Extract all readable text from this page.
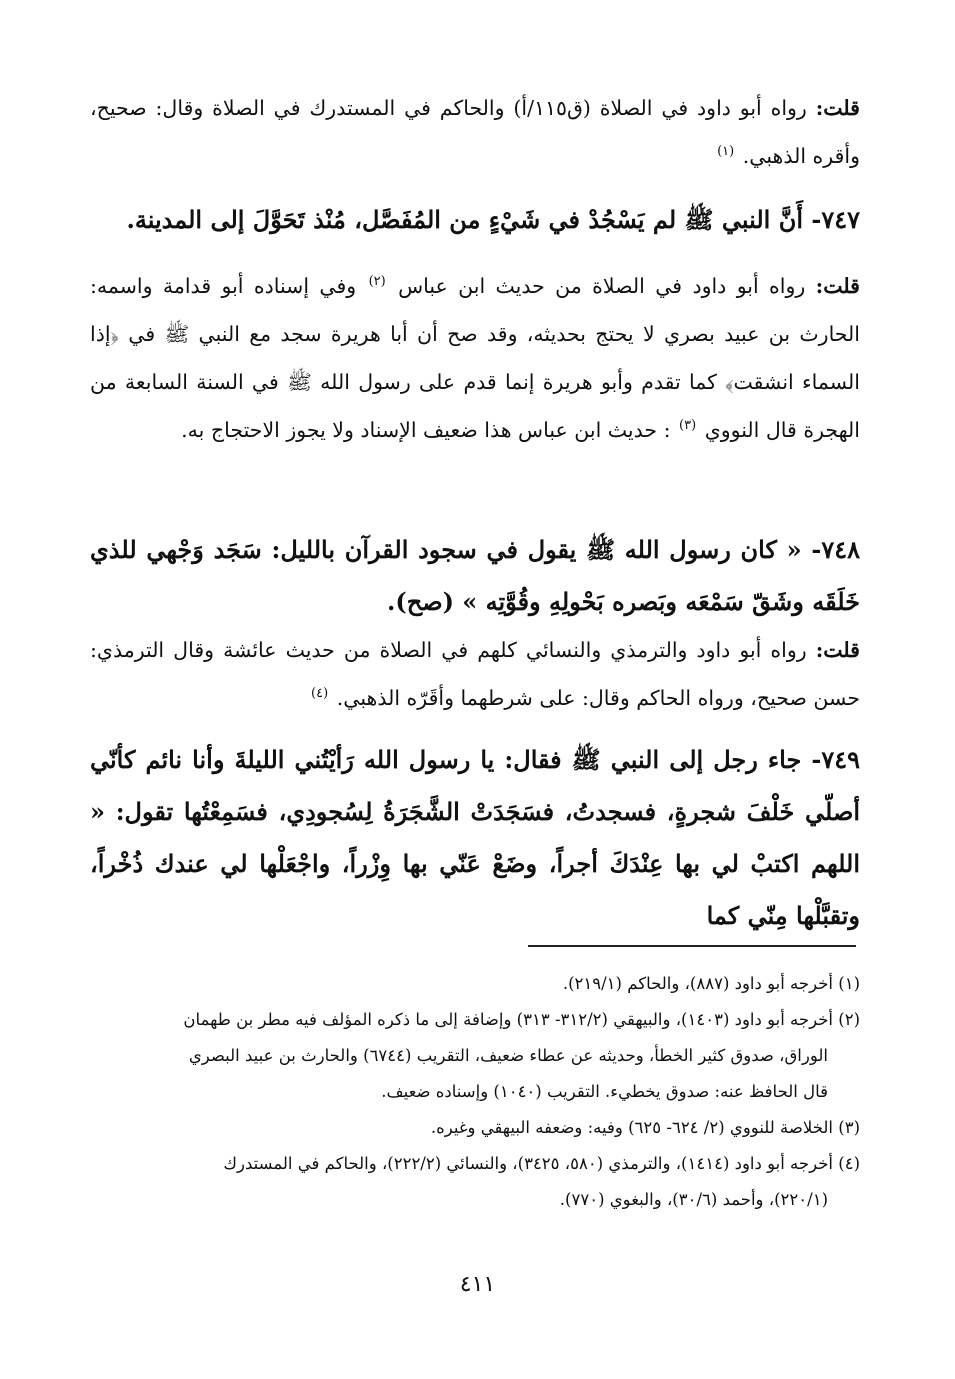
قلت: رواه أبو داود في الصلاة (ق١١٥/أ) والحاكم في المستدرك في الصلاة وقال: صحيح، وأقره الذهبي. $^{(١)}$
٧٤٧- أَنَّ النبي ﷺ لم يَسْجُدْ في شَيْءٍ من المُفَصَّل، مُنْذ تَحَوَّلَ إلى المدينة.
قلت: رواه أبو داود في الصلاة من حديث ابن عباس $^{(٢)}$ وفي إسناده أبو قدامة واسمه: الحارث بن عبيد بصري لا يحتج بحديثه، وقد صح أن أبا هريرة سجد مع النبي ﷺ في ﴿إذا السماء انشقت﴾ كما تقدم وأبو هريرة إنما قدم على رسول الله ﷺ في السنة السابعة من الهجرة قال النووي $^{(٣)}$ : حديث ابن عباس هذا ضعيف الإسناد ولا يجوز الاحتجاج به.
٧٤٨- « كان رسول الله ﷺ يقول في سجود القرآن بالليل: سَجَد وَجْهي للذي خَلَقَه وشَقّ سَمْعَه وبَصره بَحْولِهِ وقُوَّتِه » (صح).
قلت: رواه أبو داود والترمذي والنسائي كلهم في الصلاة من حديث عائشة وقال الترمذي: حسن صحيح، ورواه الحاكم وقال: على شرطهما وأقَرّه الذهبي. $^{(٤)}$
٧٤٩- جاء رجل إلى النبي ﷺ فقال: يا رسول الله رَأيْتُني الليلةَ وأنا نائم كأنّي أصلّي خَلْفَ شجرةٍ، فسجدتُ، فسَجَدَتْ الشَّجَرَةُ لِسُجودِي، فسَمِعْتُها تقول: « اللهم اكتبْ لي بها عِنْدَكَ أجراً، وضَعْ عَنّي بها وِزْراً، واجْعَلْها لي عندك ذُخْراً، وتقبَّلْها مِنّي كما

(١) أخرجه أبو داود (٨٨٧)، والحاكم (٢١٩/١).

(٢) أخرجه أبو داود (١٤٠٣)، والبيهقي (٣١٢/٢- ٣١٣) وإضافة إلى ما ذكره المؤلف فيه مطر بن طهمان
الوراق، صدوق كثير الخطأ، وحديثه عن عطاء ضعيف، التقريب (٦٧٤٤) والحارث بن عبيد البصري
قال الحافظ عنه: صدوق يخطيء. التقريب (١٠٤٠) وإسناده ضعيف.

(٣) الخلاصة للنووي (٢/ ٦٢٤- ٦٢٥) وفيه: وضعفه البيهقي وغيره.

(٤) أخرجه أبو داود (١٤١٤)، والترمذي (٥٨٠، ٣٤٢٥)، والنسائي (٢٢٢/٢)، والحاكم في المستدرك
(٢٢٠/١)، وأحمد (٣٠/٦)، والبغوي (٧٧٠).

٤١١
